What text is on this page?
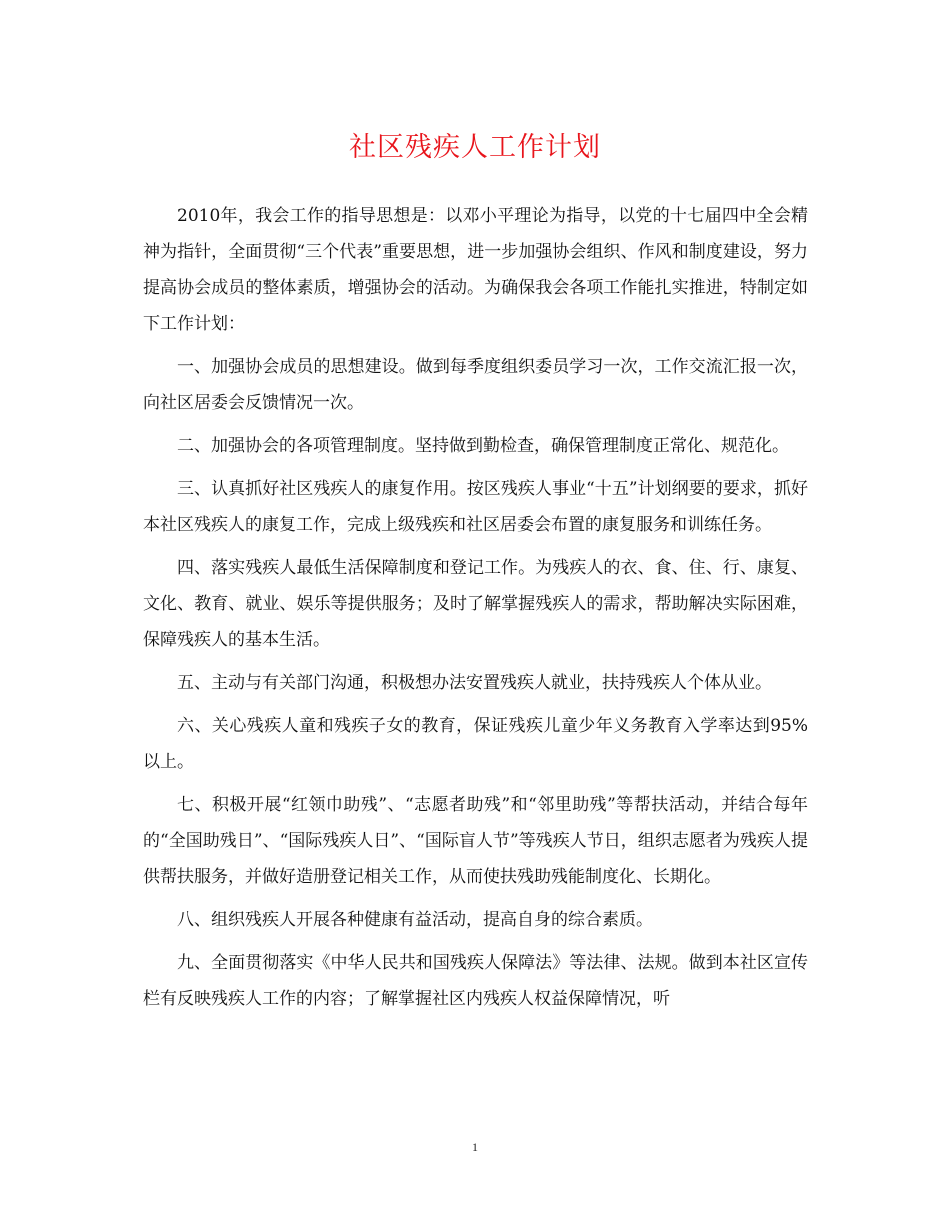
社区残疾人工作计划

2010年，我会工作的指导思想是：以邓小平理论为指导，以党的十七届四中全会精神为指针，全面贯彻“三个代表”重要思想，进一步加强协会组织、作风和制度建设，努力提高协会成员的整体素质，增强协会的活动。为确保我会各项工作能扎实推进，特制定如下工作计划：

一、加强协会成员的思想建设。做到每季度组织委员学习一次，工作交流汇报一次，向社区居委会反馈情况一次。

二、加强协会的各项管理制度。坚持做到勤检查，确保管理制度正常化、规范化。

三、认真抓好社区残疾人的康复作用。按区残疾人事业“十五”计划纲要的要求，抓好本社区残疾人的康复工作，完成上级残疾和社区居委会布置的康复服务和训练任务。

四、落实残疾人最低生活保障制度和登记工作。为残疾人的衣、食、住、行、康复、文化、教育、就业、娱乐等提供服务；及时了解掌握残疾人的需求，帮助解决实际困难，保障残疾人的基本生活。

五、主动与有关部门沟通，积极想办法安置残疾人就业，扶持残疾人个体从业。

六、关心残疾人童和残疾子女的教育，保证残疾儿童少年义务教育入学率达到95%以上。

七、积极开展“红领巾助残”、“志愿者助残”和“邻里助残”等帮扶活动，并结合每年的“全国助残日”、“国际残疾人日”、“国际盲人节”等残疾人节日，组织志愿者为残疾人提供帮扶服务，并做好造册登记相关工作，从而使扶残助残能制度化、长期化。

八、组织残疾人开展各种健康有益活动，提高自身的综合素质。

九、全面贯彻落实《中华人民共和国残疾人保障法》等法律、法规。做到本社区宣传栏有反映残疾人工作的内容；了解掌握社区内残疾人权益保障情况，听

1
